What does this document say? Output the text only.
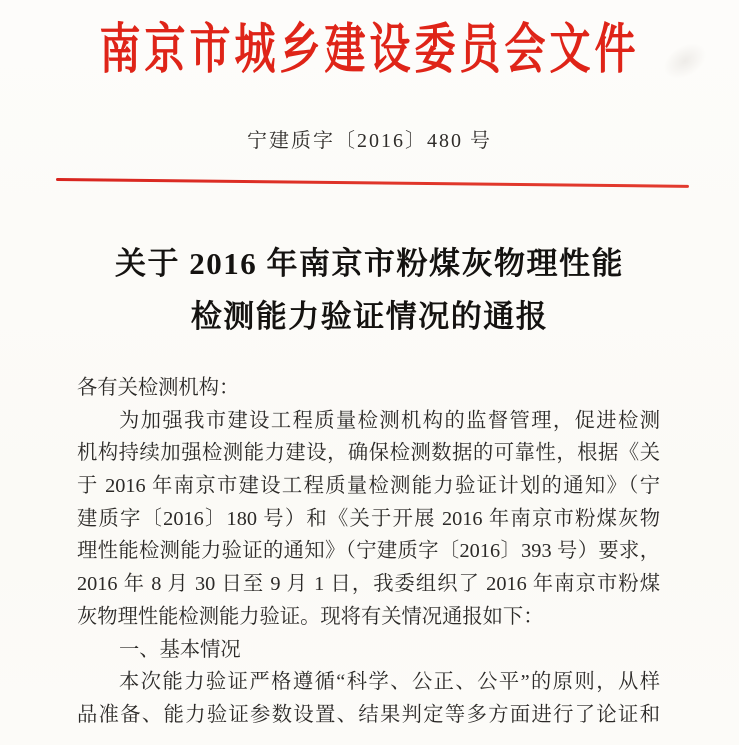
南京市城乡建设委员会文件
宁建质字〔2016〕480 号
关于 2016 年南京市粉煤灰物理性能
检测能力验证情况的通报
各有关检测机构：
为加强我市建设工程质量检测机构的监督管理，促进检测
机构持续加强检测能力建设，确保检测数据的可靠性，根据《关
于 2016 年南京市建设工程质量检测能力验证计划的通知》（宁
建质字〔2016〕180 号）和《关于开展 2016 年南京市粉煤灰物
理性能检测能力验证的通知》（宁建质字〔2016〕393 号）要求，
2016 年 8 月 30 日至 9 月 1 日，我委组织了 2016 年南京市粉煤
灰物理性能检测能力验证。现将有关情况通报如下：
一、基本情况
本次能力验证严格遵循“科学、公正、公平”的原则，从样
品准备、能力验证参数设置、结果判定等多方面进行了论证和
